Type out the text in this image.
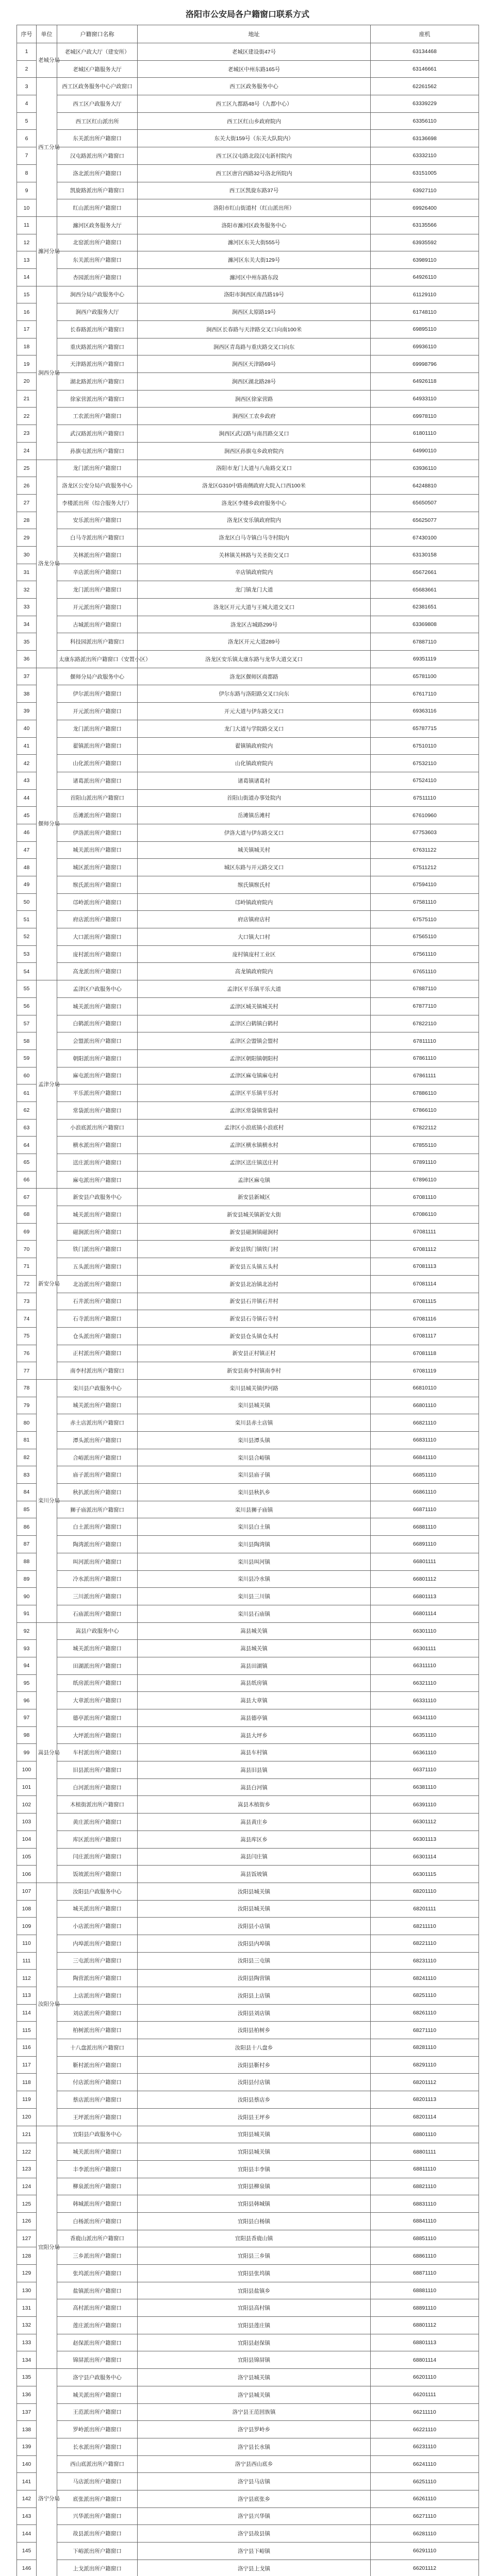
洛阳市公安局各户籍窗口联系方式
序号	单位	户籍窗口名称	地址	座机
1	老城分局	老城区户政大厅（建安所）	老城区建设街47号	63134468
2		老城区户籍服务大厅	老城区中州东路165号	63146661
3	西工分局	西工区政务服务中心户政窗口	西工区政务服务中心	62261562
4		西工区户政服务大厅	西工区九都路48号（九都中心）	63339229
5		西工区红山派出所	西工区红山乡政府院内	63356110
6		东关派出所户籍窗口	东关大街159号（东关大队院内）	63136698
7		汉屯路派出所户籍窗口	西工区汉屯路北段汉屯新村院内	63332110
8		洛北派出所户籍窗口	西工区唐宫西路32号洛北所院内	63151005
9		凯旋路派出所户籍窗口	西工区凯旋东路37号	63927110
10		红山派出所户籍窗口	洛阳市红山街道村（红山派出所）	69926400
11	瀍河分局	瀍河区政务服务大厅	洛阳市瀍河区政务服务中心	63135566
12		北窑派出所户籍窗口	瀍河区东关大街555号	63935592
13		东关派出所户籍窗口	瀍河区东关大街129号	63989110
14		杏园派出所户籍窗口	瀍河区中州东路东段	64926110
15	涧西分局	涧西分局户政服务中心	洛阳市涧西区南昌路19号	61129110
16		涧西户政服务大厅	涧西区太原路19号	61748110
17		长春路派出所户籍窗口	涧西区长春路与天津路交叉口向南100米	69895110
18		重庆路派出所户籍窗口	涧西区青岛路与重庆路交叉口向东	69936110
19		天津路派出所户籍窗口	涧西区天津路69号	69998796
20		湖北路派出所户籍窗口	涧西区湖北路28号	64926118
21		徐家营派出所户籍窗口	涧西区徐家营路	64933110
22		工农派出所户籍窗口	涧西区工农乡政府	69978110
23		武汉路派出所户籍窗口	涧西区武汉路与南昌路交叉口	61801110
24		孙旗屯派出所户籍窗口	涧西区孙旗屯乡政府院内	64990110
25	洛龙分局	龙门派出所户籍窗口	洛阳市龙门大道与八角路交叉口	63936110
26		洛龙区公安分局户政服务中心	洛龙区G310中路南侧政府大院入口西100米	64248810
27		李楼派出所（综合服务大厅）	洛龙区李楼乡政府服务中心	65650507
28		安乐派出所户籍窗口	洛龙区安乐镇政府院内	65625077
29		白马寺派出所户籍窗口	洛龙区白马寺镇白马寺村院内	67430100
30		关林派出所户籍窗口	关林镇关林路与关圣街交叉口	63130158
31		辛店派出所户籍窗口	辛店镇政府院内	65672661
32		龙门派出所户籍窗口	龙门镇龙门大道	65683661
33		开元派出所户籍窗口	洛龙区开元大道与王城大道交叉口	62381651
34		古城派出所户籍窗口	洛龙区古城路299号	63369808
35		科技园派出所户籍窗口	洛龙区开元大道289号	67887110
36		太康东路派出所户籍窗口（安置小区）	洛龙区安乐镇太康东路与龙华大道交叉口	69351119
37	偃师分局	偃师分局户政服务中心	洛龙区偃师区商都路	65781100
38		伊尔派出所户籍窗口	伊尔东路与洛阳路交叉口向东	67617110
39		开元派出所户籍窗口	开元大道与伊东路交叉口	69363116
40		龙门派出所户籍窗口	龙门大道与学院路交叉口	65787715
41		翟镇派出所户籍窗口	翟镇镇政府院内	67510110
42		山化派出所户籍窗口	山化镇政府院内	67532110
43		诸葛派出所户籍窗口	诸葛镇诸葛村	67524110
44		首阳山派出所户籍窗口	首阳山街道办事处院内	67511110
45		岳滩派出所户籍窗口	岳滩镇岳滩村	67610960
46		伊洛派出所户籍窗口	伊洛大道与伊东路交叉口	67753603
47		城关派出所户籍窗口	城关镇城关村	67631122
48		城区派出所户籍窗口	城区东路与开元路交叉口	67511212
49		缑氏派出所户籍窗口	缑氏镇缑氏村	67594110
50		邙岭派出所户籍窗口	邙岭镇政府院内	67581110
51		府店派出所户籍窗口	府店镇府店村	67575110
52		大口派出所户籍窗口	大口镇大口村	67565110
53		庞村派出所户籍窗口	庞村镇庞村工业区	67561110
54		高龙派出所户籍窗口	高龙镇政府院内	67651110
55	孟津分局	孟津区户政服务中心	孟津区平乐镇平乐大道	67887110
56		城关派出所户籍窗口	孟津区城关镇城关村	67877110
57		白鹤派出所户籍窗口	孟津区白鹤镇白鹤村	67822110
58		会盟派出所户籍窗口	孟津区会盟镇会盟村	67811110
59		朝阳派出所户籍窗口	孟津区朝阳镇朝阳村	67861110
60		麻屯派出所户籍窗口	孟津区麻屯镇麻屯村	67861111
61		平乐派出所户籍窗口	孟津区平乐镇平乐村	67886110
62		常袋派出所户籍窗口	孟津区常袋镇常袋村	67866110
63		小浪底派出所户籍窗口	孟津区小浪底镇小浪底村	67822112
64		横水派出所户籍窗口	孟津区横水镇横水村	67855110
65		送庄派出所户籍窗口	孟津区送庄镇送庄村	67891110
66		麻屯派出所户籍窗口	孟津区麻屯镇	67896110
67	新安分局	新安县户政服务中心	新安县新城区	67081110
68		城关派出所户籍窗口	新安县城关镇新安大街	67086110
69		磁涧派出所户籍窗口	新安县磁涧镇磁涧村	67081111
70		铁门派出所户籍窗口	新安县铁门镇铁门村	67081112
71		五头派出所户籍窗口	新安县五头镇五头村	67081113
72		北冶派出所户籍窗口	新安县北冶镇北冶村	67081114
73		石井派出所户籍窗口	新安县石井镇石井村	67081115
74		石寺派出所户籍窗口	新安县石寺镇石寺村	67081116
75		仓头派出所户籍窗口	新安县仓头镇仓头村	67081117
76		正村派出所户籍窗口	新安县正村镇正村	67081118
77		南李村派出所户籍窗口	新安县南李村镇南李村	67081119
78	栾川分局	栾川县户政服务中心	栾川县城关镇伊河路	66810110
79		城关派出所户籍窗口	栾川县城关镇	66801110
80		赤土店派出所户籍窗口	栾川县赤土店镇	66821110
81		潭头派出所户籍窗口	栾川县潭头镇	66831110
82		合峪派出所户籍窗口	栾川县合峪镇	66841110
83		庙子派出所户籍窗口	栾川县庙子镇	66851110
84		秋扒派出所户籍窗口	栾川县秋扒乡	66861110
85		狮子庙派出所户籍窗口	栾川县狮子庙镇	66871110
86		白土派出所户籍窗口	栾川县白土镇	66881110
87		陶湾派出所户籍窗口	栾川县陶湾镇	66891110
88		叫河派出所户籍窗口	栾川县叫河镇	66801111
89		冷水派出所户籍窗口	栾川县冷水镇	66801112
90		三川派出所户籍窗口	栾川县三川镇	66801113
91		石庙派出所户籍窗口	栾川县石庙镇	66801114
92	嵩县分局	嵩县户政服务中心	嵩县城关镇	66301110
93		城关派出所户籍窗口	嵩县城关镇	66301111
94		田湖派出所户籍窗口	嵩县田湖镇	66311110
95		纸房派出所户籍窗口	嵩县纸房镇	66321110
96		大章派出所户籍窗口	嵩县大章镇	66331110
97		德亭派出所户籍窗口	嵩县德亭镇	66341110
98		大坪派出所户籍窗口	嵩县大坪乡	66351110
99		车村派出所户籍窗口	嵩县车村镇	66361110
100		旧县派出所户籍窗口	嵩县旧县镇	66371110
101		白河派出所户籍窗口	嵩县白河镇	66381110
102		木植街派出所户籍窗口	嵩县木植街乡	66391110
103		黄庄派出所户籍窗口	嵩县黄庄乡	66301112
104		库区派出所户籍窗口	嵩县库区乡	66301113
105		闫庄派出所户籍窗口	嵩县闫庄镇	66301114
106		饭坡派出所户籍窗口	嵩县饭坡镇	66301115
107	汝阳分局	汝阳县户政服务中心	汝阳县城关镇	68201110
108		城关派出所户籍窗口	汝阳县城关镇	68201111
109		小店派出所户籍窗口	汝阳县小店镇	68211110
110		内埠派出所户籍窗口	汝阳县内埠镇	68221110
111		三屯派出所户籍窗口	汝阳县三屯镇	68231110
112		陶营派出所户籍窗口	汝阳县陶营镇	68241110
113		上店派出所户籍窗口	汝阳县上店镇	68251110
114		刘店派出所户籍窗口	汝阳县刘店镇	68261110
115		柏树派出所户籍窗口	汝阳县柏树乡	68271110
116		十八盘派出所户籍窗口	汝阳县十八盘乡	68281110
117		靳村派出所户籍窗口	汝阳县靳村乡	68291110
118		付店派出所户籍窗口	汝阳县付店镇	68201112
119		蔡店派出所户籍窗口	汝阳县蔡店乡	68201113
120		王坪派出所户籍窗口	汝阳县王坪乡	68201114
121	宜阳分局	宜阳县户政服务中心	宜阳县城关镇	68801110
122		城关派出所户籍窗口	宜阳县城关镇	68801111
123		丰李派出所户籍窗口	宜阳县丰李镇	68811110
124		柳泉派出所户籍窗口	宜阳县柳泉镇	68821110
125		韩城派出所户籍窗口	宜阳县韩城镇	68831110
126		白杨派出所户籍窗口	宜阳县白杨镇	68841110
127		香鹿山派出所户籍窗口	宜阳县香鹿山镇	68851110
128		三乡派出所户籍窗口	宜阳县三乡镇	68861110
129		张坞派出所户籍窗口	宜阳县张坞镇	68871110
130		盐镇派出所户籍窗口	宜阳县盐镇乡	68881110
131		高村派出所户籍窗口	宜阳县高村镇	68891110
132		莲庄派出所户籍窗口	宜阳县莲庄镇	68801112
133		赵保派出所户籍窗口	宜阳县赵保镇	68801113
134		锦屏派出所户籍窗口	宜阳县锦屏镇	68801114
135	洛宁分局	洛宁县户政服务中心	洛宁县城关镇	66201110
136		城关派出所户籍窗口	洛宁县城关镇	66201111
137		王范派出所户籍窗口	洛宁县王范回族镇	66211110
138		罗岭派出所户籍窗口	洛宁县罗岭乡	66221110
139		长水派出所户籍窗口	洛宁县长水镇	66231110
140		西山底派出所户籍窗口	洛宁县西山底乡	66241110
141		马店派出所户籍窗口	洛宁县马店镇	66251110
142		底张派出所户籍窗口	洛宁县底张乡	66261110
143		兴华派出所户籍窗口	洛宁县兴华镇	66271110
144		故县派出所户籍窗口	洛宁县故县镇	66281110
145		下峪派出所户籍窗口	洛宁县下峪镇	66291110
146		上戈派出所户籍窗口	洛宁县上戈镇	66201112
